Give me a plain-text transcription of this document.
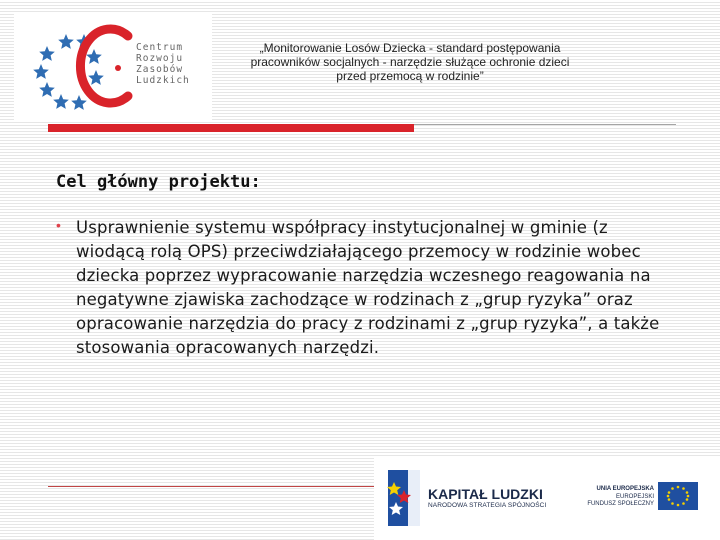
Centrum
Rozwoju
Zasobów
Ludzkich
„Monitorowanie Losów Dziecka - standard postępowania pracowników socjalnych - narzędzie służące ochronie dzieci przed przemocą w rodzinie”
Cel główny projektu:
• Usprawnienie systemu współpracy instytucjonalnej w gminie (z wiodącą rolą OPS) przeciwdziałającego przemocy w rodzinie wobec dziecka poprzez wypracowanie narzędzia wczesnego reagowania na negatywne zjawiska zachodzące w rodzinach z „grup ryzyka” oraz opracowanie narzędzia do pracy z rodzinami z „grup ryzyka”, a także stosowania opracowanych narzędzi.
KAPITAŁ LUDZKI
NARODOWA STRATEGIA SPÓJNOŚCI
UNIA EUROPEJSKA
EUROPEJSKI
FUNDUSZ SPOŁECZNY
